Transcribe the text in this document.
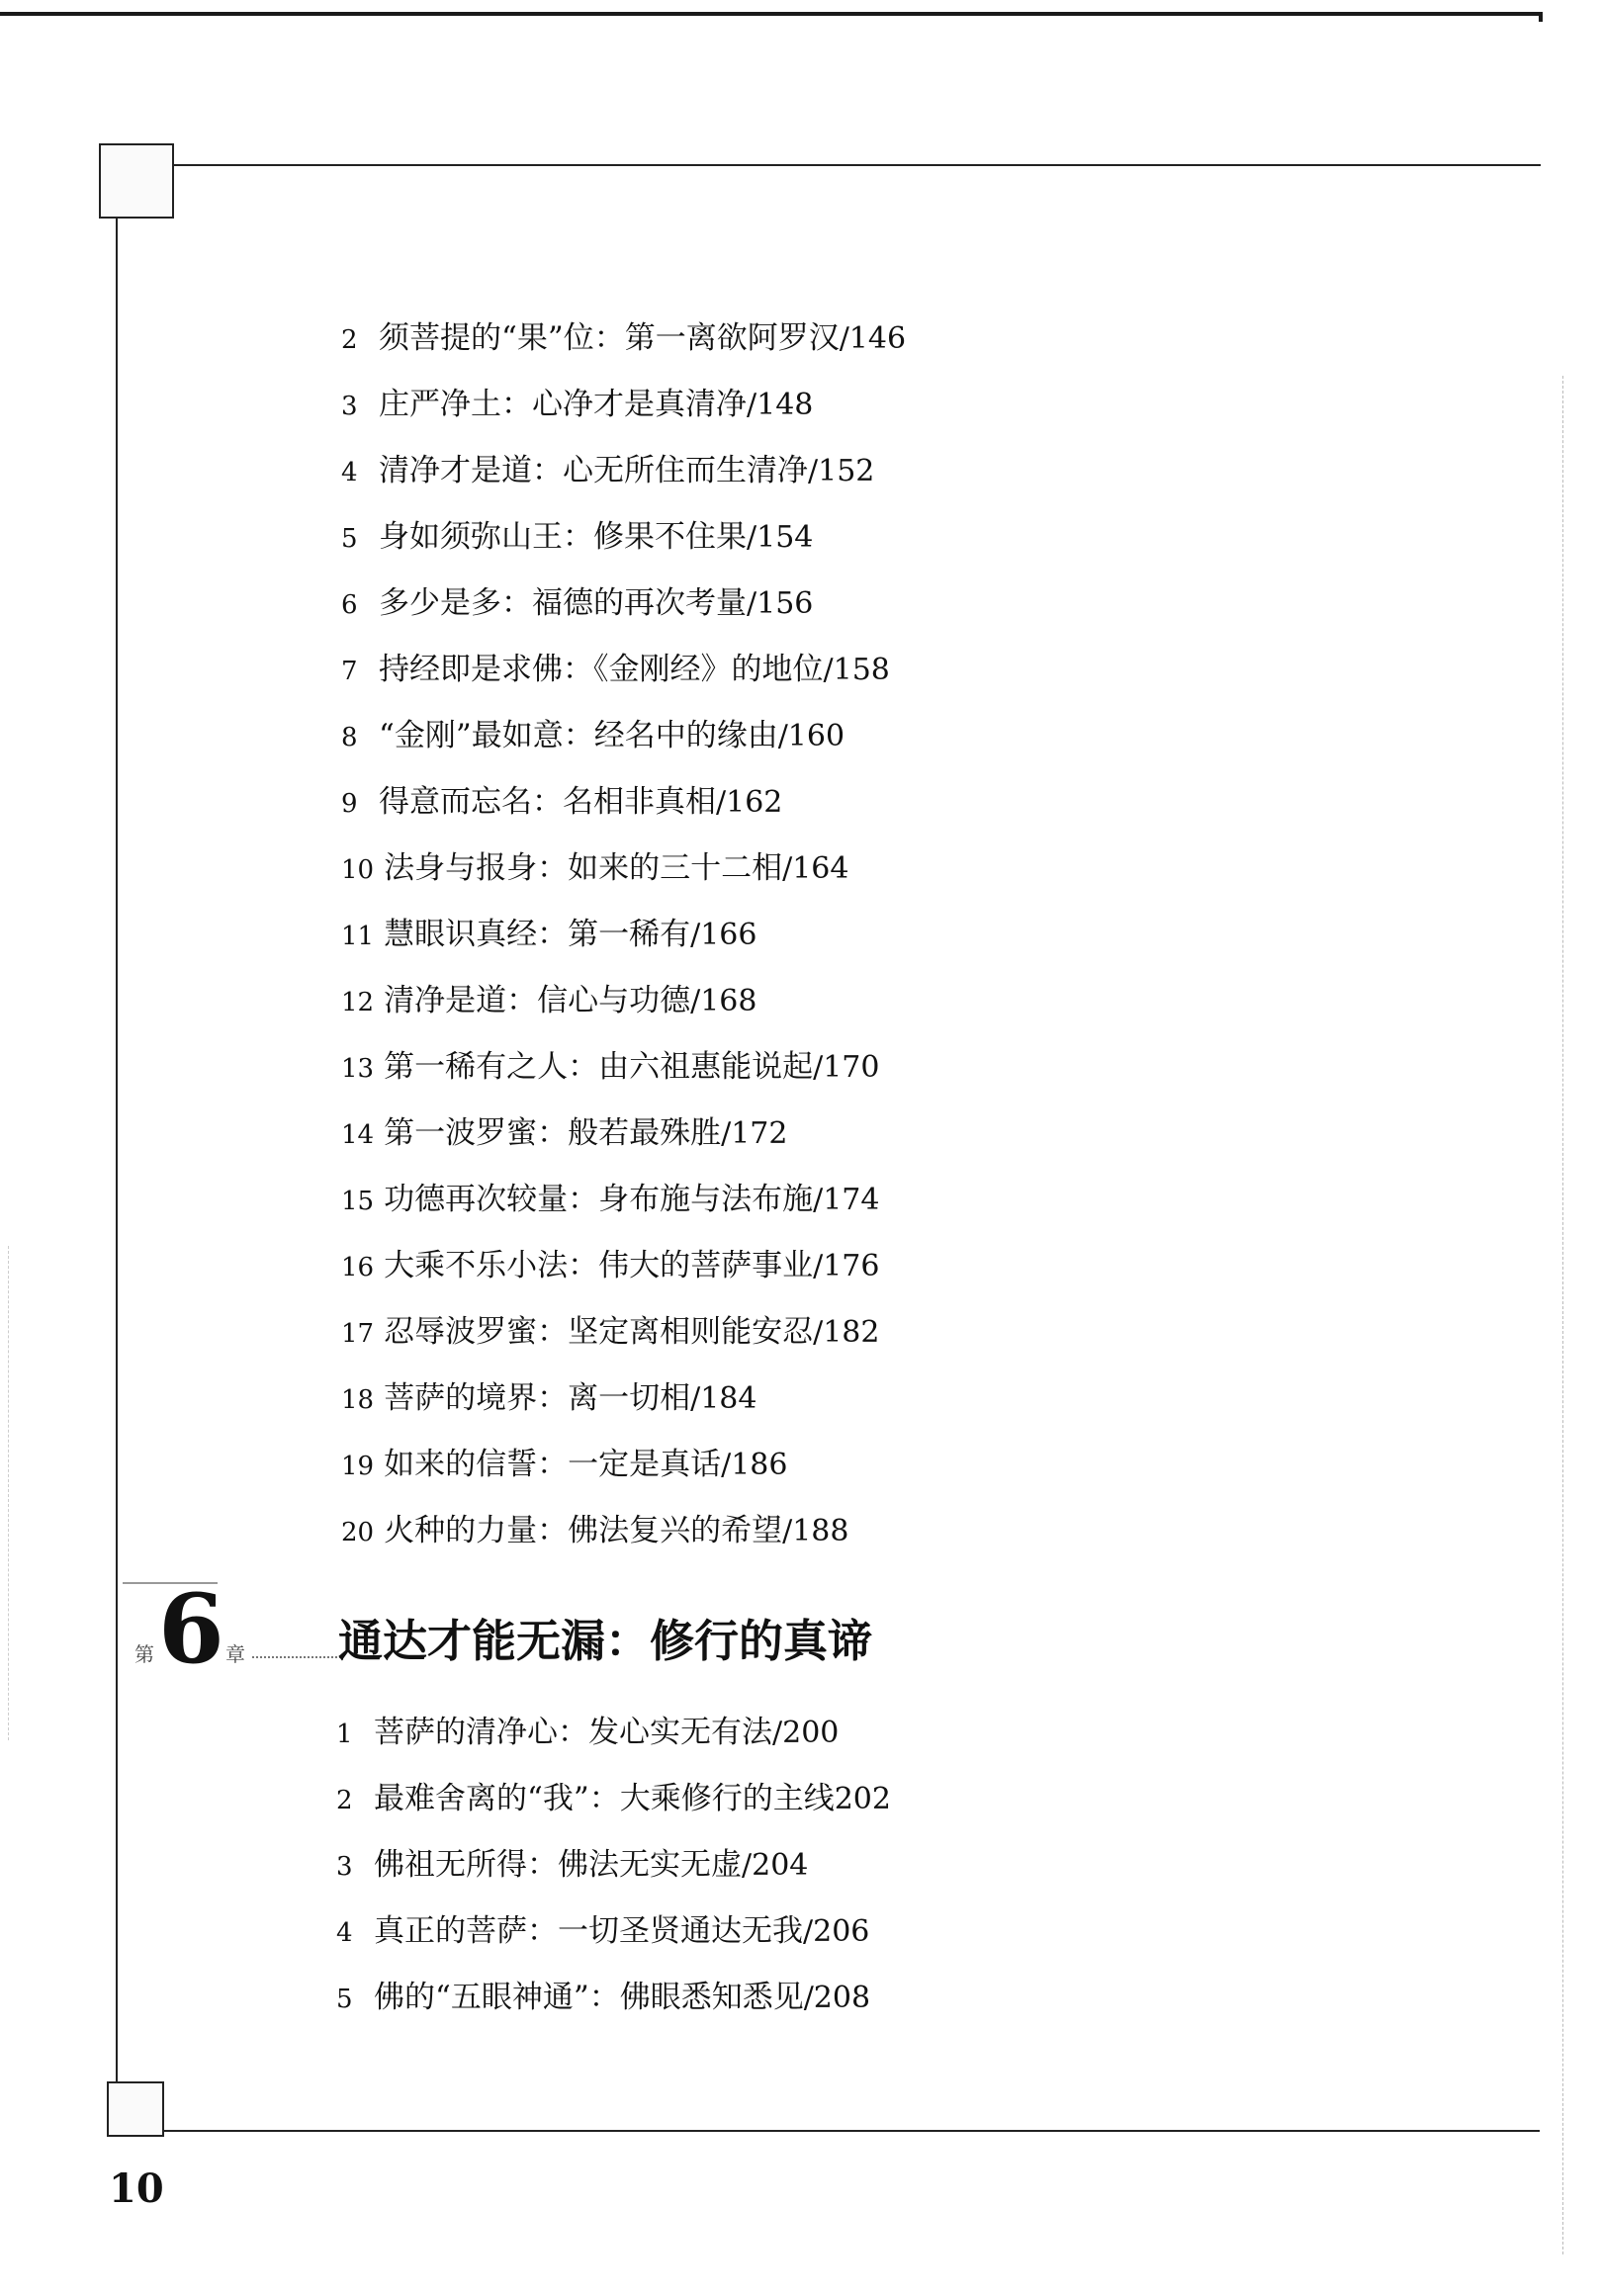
2 须菩提的“果”位：第一离欲阿罗汉/146
3 庄严净土：心净才是真清净/148
4 清净才是道：心无所住而生清净/152
5 身如须弥山王：修果不住果/154
6 多少是多：福德的再次考量/156
7 持经即是求佛：《金刚经》的地位/158
8 “金刚”最如意：经名中的缘由/160
9 得意而忘名：名相非真相/162
10 法身与报身：如来的三十二相/164
11 慧眼识真经：第一稀有/166
12 清净是道：信心与功德/168
13 第一稀有之人：由六祖惠能说起/170
14 第一波罗蜜：般若最殊胜/172
15 功德再次较量：身布施与法布施/174
16 大乘不乐小法：伟大的菩萨事业/176
17 忍辱波罗蜜：坚定离相则能安忍/182
18 菩萨的境界：离一切相/184
19 如来的信誓：一定是真话/186
20 火种的力量：佛法复兴的希望/188
第 6 章 通达才能无漏：修行的真谛
1 菩萨的清净心：发心实无有法/200
2 最难舍离的“我”：大乘修行的主线202
3 佛祖无所得：佛法无实无虚/204
4 真正的菩萨：一切圣贤通达无我/206
5 佛的“五眼神通”：佛眼悉知悉见/208
10
